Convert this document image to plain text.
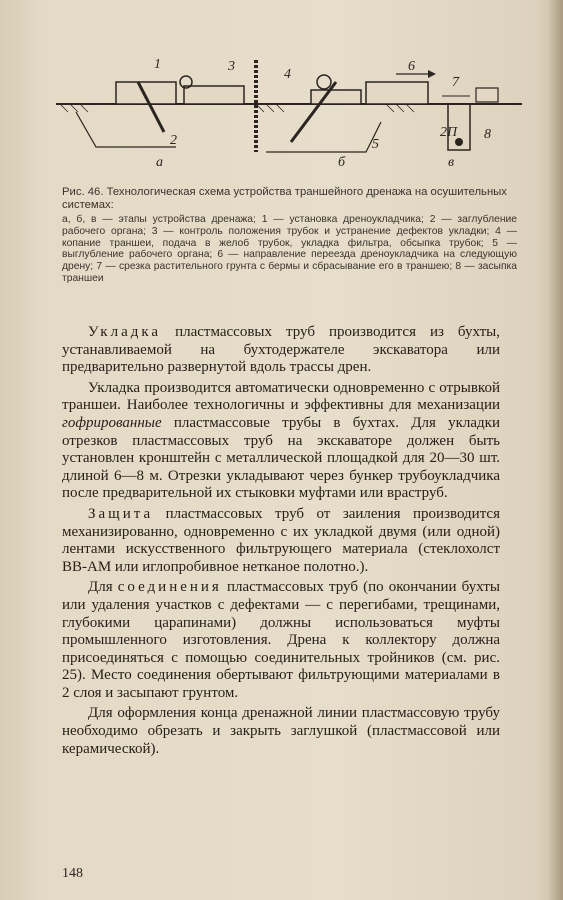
1
2
3
4
5
6
7
8
2П
а	б	в

Рис. 46. Технологическая схема устройства траншейного дренажа на осушительных системах:

а, б, в — этапы устройства дренажа; 1 — установка дреноукладчика; 2 — заглубление рабочего органа; 3 — контроль положения трубок и устранение дефектов укладки; 4 — копание траншеи, подача в желоб трубок, укладка фильтра, обсыпка трубок; 5 — выглубление рабочего органа; 6 — направление переезда дреноукладчика на следующую дрену; 7 — срезка растительного грунта с бермы и сбрасывание его в траншею; 8 — засыпка траншеи

Укладка пластмассовых труб производится из бухты, устанавливаемой на бухтодержателе экскаватора или предварительно развернутой вдоль трассы дрен.

Укладка производится автоматически одновременно с отрывкой траншеи. Наиболее технологичны и эффективны для механизации гофрированные пластмассовые трубы в бухтах. Для укладки отрезков пластмассовых труб на экскаваторе должен быть установлен кронштейн с металлической площадкой для 20—30 шт. длиной 6—8 м. Отрезки укладывают через бункер трубоукладчика после предварительной их стыковки муфтами или враструб.

Защита пластмассовых труб от заиления производится механизированно, одновременно с их укладкой двумя (или одной) лентами искусственного фильтрующего материала (стеклохолст ВВ-АМ или иглопробивное нетканое полотно.).

Для соединения пластмассовых труб (по окончании бухты или удаления участков с дефектами — с перегибами, трещинами, глубокими царапинами) должны использоваться муфты промышленного изготовления. Дрена к коллектору должна присоединяться с помощью соединительных тройников (см. рис. 25). Место соединения обертывают фильтрующими материалами в 2 слоя и засыпают грунтом.

Для оформления конца дренажной линии пластмассовую трубу необходимо обрезать и закрыть заглушкой (пластмассовой или керамической).

148
